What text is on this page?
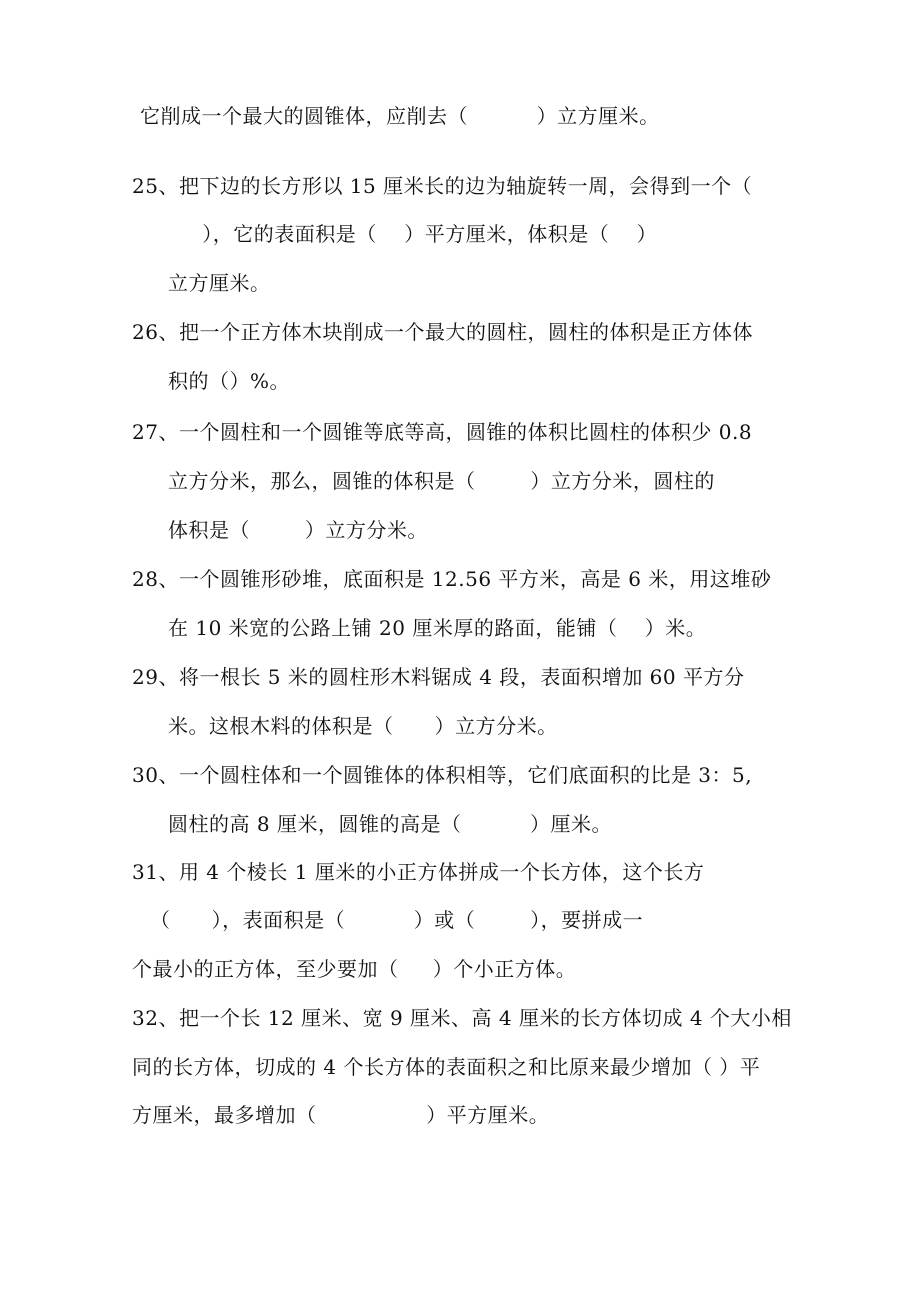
它削成一个最大的圆锥体，应削去（          ）立方厘米。
25、把下边的长方形以 15 厘米长的边为轴旋转一周，会得到一个（
），它的表面积是（    ）平方厘米，体积是（    ）
立方厘米。
26、把一个正方体木块削成一个最大的圆柱，圆柱的体积是正方体体
积的（）%。
27、一个圆柱和一个圆锥等底等高，圆锥的体积比圆柱的体积少 0.8
立方分米，那么，圆锥的体积是（        ）立方分米，圆柱的
体积是（        ）立方分米。
28、一个圆锥形砂堆，底面积是 12.56 平方米，高是 6 米，用这堆砂
在 10 米宽的公路上铺 20 厘米厚的路面，能铺（    ）米。
29、将一根长 5 米的圆柱形木料锯成 4 段，表面积增加 60 平方分
米。这根木料的体积是（      ）立方分米。
30、一个圆柱体和一个圆锥体的体积相等，它们底面积的比是 3：5,
圆柱的高 8 厘米，圆锥的高是（          ）厘米。
31、用 4 个棱长 1 厘米的小正方体拼成一个长方体，这个长方
（      ），表面积是（          ）或（        ），要拼成一
个最小的正方体，至少要加（     ）个小正方体。
32、把一个长 12 厘米、宽 9 厘米、高 4 厘米的长方体切成 4 个大小相
同的长方体，切成的 4 个长方体的表面积之和比原来最少增加（ ）平
方厘米，最多增加（                ）平方厘米。
